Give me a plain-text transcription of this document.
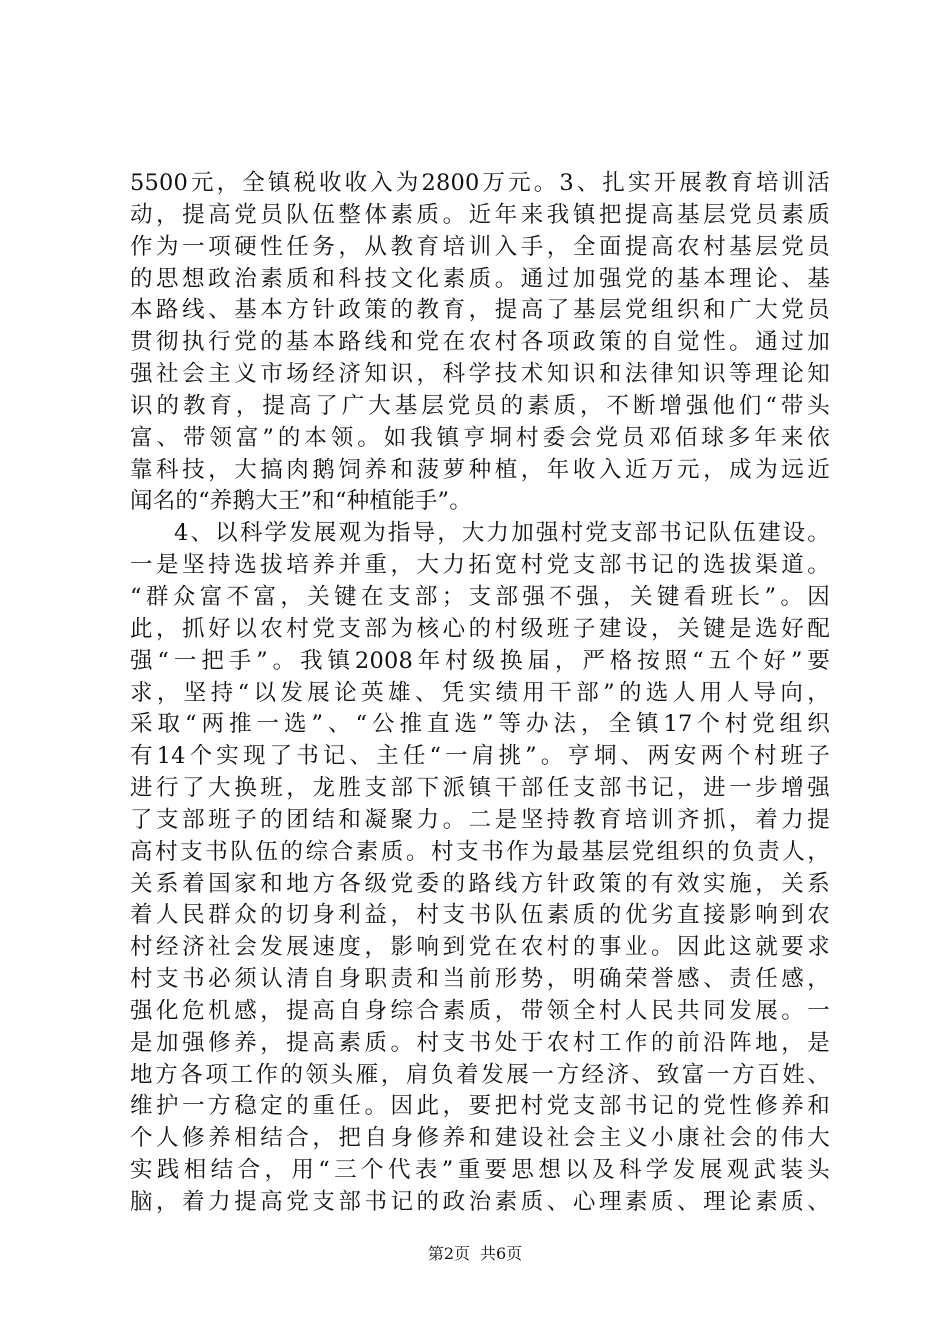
5500元，全镇税收收入为2800万元。3、扎实开展教育培训活
动，提高党员队伍整体素质。近年来我镇把提高基层党员素质
作为一项硬性任务，从教育培训入手，全面提高农村基层党员
的思想政治素质和科技文化素质。通过加强党的基本理论、基
本路线、基本方针政策的教育，提高了基层党组织和广大党员
贯彻执行党的基本路线和党在农村各项政策的自觉性。通过加
强社会主义市场经济知识，科学技术知识和法律知识等理论知
识的教育，提高了广大基层党员的素质，不断增强他们“带头
富、带领富”的本领。如我镇亨垌村委会党员邓佰球多年来依
靠科技，大搞肉鹅饲养和菠萝种植，年收入近万元，成为远近
闻名的“养鹅大王”和“种植能手”。
4、以科学发展观为指导，大力加强村党支部书记队伍建设。
一是坚持选拔培养并重，大力拓宽村党支部书记的选拔渠道。
“群众富不富，关键在支部；支部强不强，关键看班长”。因
此，抓好以农村党支部为核心的村级班子建设，关键是选好配
强“一把手”。我镇2008年村级换届，严格按照“五个好”要
求，坚持“以发展论英雄、凭实绩用干部”的选人用人导向，
采取“两推一选”、“公推直选”等办法，全镇17个村党组织
有14个实现了书记、主任“一肩挑”。亨垌、两安两个村班子
进行了大换班，龙胜支部下派镇干部任支部书记，进一步增强
了支部班子的团结和凝聚力。二是坚持教育培训齐抓，着力提
高村支书队伍的综合素质。村支书作为最基层党组织的负责人，
关系着国家和地方各级党委的路线方针政策的有效实施，关系
着人民群众的切身利益，村支书队伍素质的优劣直接影响到农
村经济社会发展速度，影响到党在农村的事业。因此这就要求
村支书必须认清自身职责和当前形势，明确荣誉感、责任感，
强化危机感，提高自身综合素质，带领全村人民共同发展。一
是加强修养，提高素质。村支书处于农村工作的前沿阵地，是
地方各项工作的领头雁，肩负着发展一方经济、致富一方百姓、
维护一方稳定的重任。因此，要把村党支部书记的党性修养和
个人修养相结合，把自身修养和建设社会主义小康社会的伟大
实践相结合，用“三个代表”重要思想以及科学发展观武装头
脑，着力提高党支部书记的政治素质、心理素质、理论素质、
第2页 共6页
